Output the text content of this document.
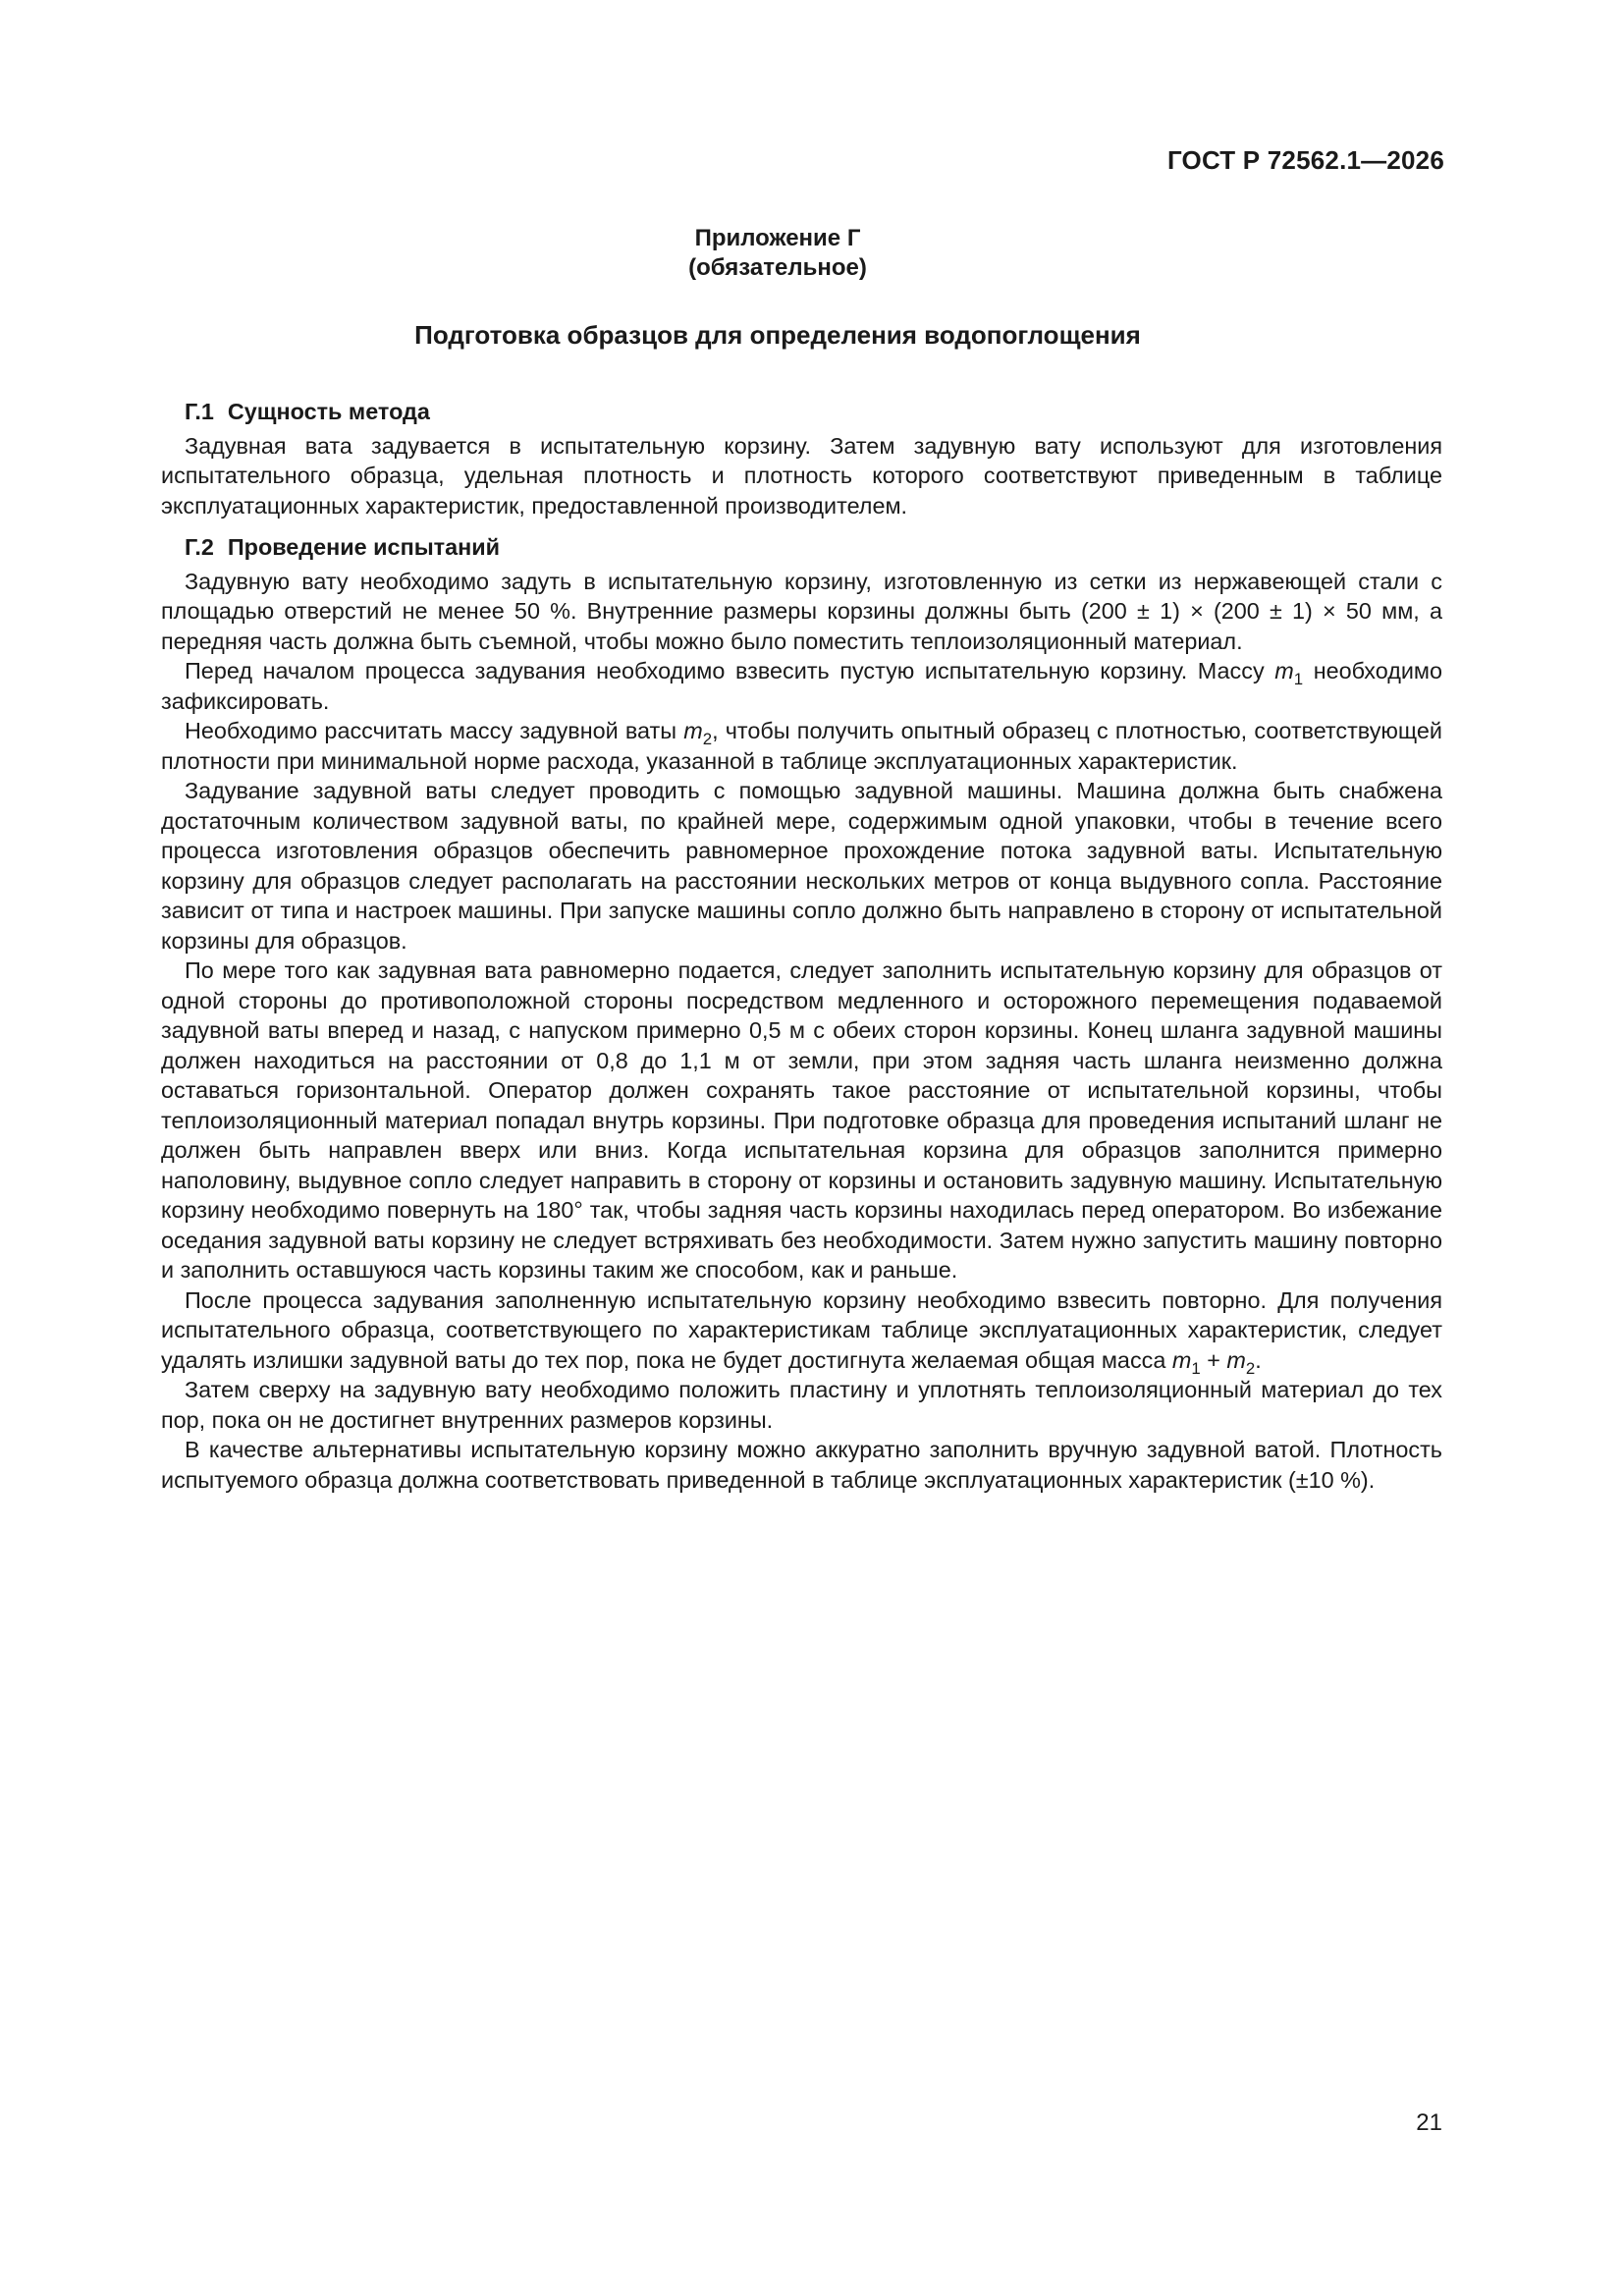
ГОСТ Р 72562.1—2026
Приложение Г
(обязательное)
Подготовка образцов для определения водопоглощения
Г.1 Сущность метода

Задувная вата задувается в испытательную корзину. Затем задувную вату используют для изготовления испытательного образца, удельная плотность и плотность которого соответствуют приведенным в таблице эксплуатационных характеристик, предоставленной производителем.

Г.2 Проведение испытаний

Задувную вату необходимо задуть в испытательную корзину, изготовленную из сетки из нержавеющей стали с площадью отверстий не менее 50 %. Внутренние размеры корзины должны быть (200 ± 1) × (200 ± 1) × 50 мм, а передняя часть должна быть съемной, чтобы можно было поместить теплоизоляционный материал.

Перед началом процесса задувания необходимо взвесить пустую испытательную корзину. Массу $m_1$ необходимо зафиксировать.

Необходимо рассчитать массу задувной ваты $m_2$, чтобы получить опытный образец с плотностью, соответствующей плотности при минимальной норме расхода, указанной в таблице эксплуатационных характеристик.

Задувание задувной ваты следует проводить с помощью задувной машины. Машина должна быть снабжена достаточным количеством задувной ваты, по крайней мере, содержимым одной упаковки, чтобы в течение всего процесса изготовления образцов обеспечить равномерное прохождение потока задувной ваты. Испытательную корзину для образцов следует располагать на расстоянии нескольких метров от конца выдувного сопла. Расстояние зависит от типа и настроек машины. При запуске машины сопло должно быть направлено в сторону от испытательной корзины для образцов.

По мере того как задувная вата равномерно подается, следует заполнить испытательную корзину для образцов от одной стороны до противоположной стороны посредством медленного и осторожного перемещения подаваемой задувной ваты вперед и назад, с напуском примерно 0,5 м с обеих сторон корзины. Конец шланга задувной машины должен находиться на расстоянии от 0,8 до 1,1 м от земли, при этом задняя часть шланга неизменно должна оставаться горизонтальной. Оператор должен сохранять такое расстояние от испытательной корзины, чтобы теплоизоляционный материал попадал внутрь корзины. При подготовке образца для проведения испытаний шланг не должен быть направлен вверх или вниз. Когда испытательная корзина для образцов заполнится примерно наполовину, выдувное сопло следует направить в сторону от корзины и остановить задувную машину. Испытательную корзину необходимо повернуть на 180° так, чтобы задняя часть корзины находилась перед оператором. Во избежание оседания задувной ваты корзину не следует встряхивать без необходимости. Затем нужно запустить машину повторно и заполнить оставшуюся часть корзины таким же способом, как и раньше.

После процесса задувания заполненную испытательную корзину необходимо взвесить повторно. Для получения испытательного образца, соответствующего по характеристикам таблице эксплуатационных характеристик, следует удалять излишки задувной ваты до тех пор, пока не будет достигнута желаемая общая масса $m_1 + m_2$.

Затем сверху на задувную вату необходимо положить пластину и уплотнять теплоизоляционный материал до тех пор, пока он не достигнет внутренних размеров корзины.

В качестве альтернативы испытательную корзину можно аккуратно заполнить вручную задувной ватой. Плотность испытуемого образца должна соответствовать приведенной в таблице эксплуатационных характеристик (±10 %).

21
